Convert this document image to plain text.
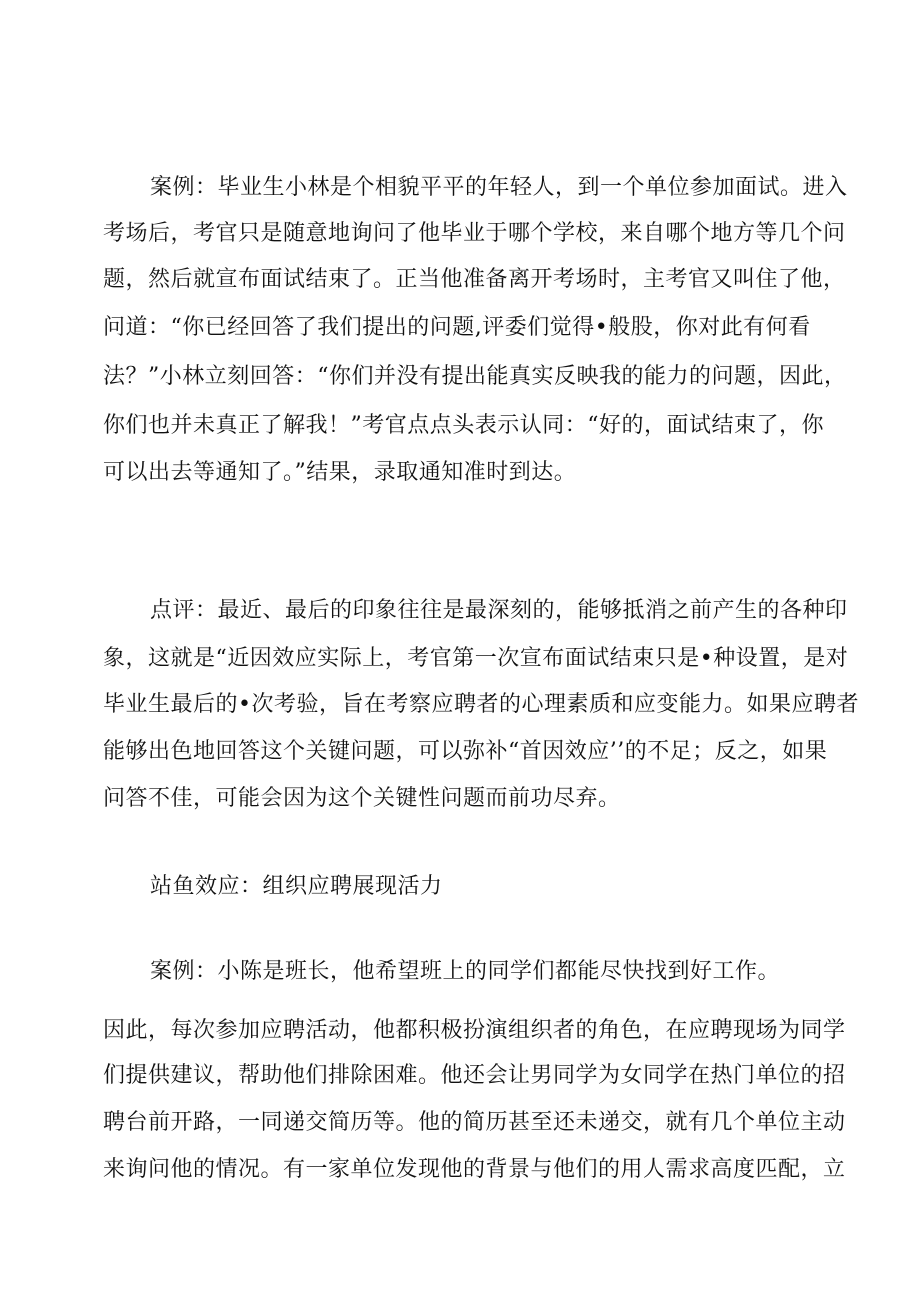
案例：毕业生小林是个相貌平平的年轻人，到一个单位参加面试。进入
考场后，考官只是随意地询问了他毕业于哪个学校，来自哪个地方等几个问
题，然后就宣布面试结束了。正当他准备离开考场时，主考官又叫住了他，
问道：“你已经回答了我们提出的问题,评委们觉得•般股，你对此有何看
法？”小林立刻回答：“你们并没有提出能真实反映我的能力的问题，因此，
你们也并未真正了解我！”考官点点头表示认同：“好的，面试结束了，你
可以出去等通知了。”结果，录取通知准时到达。
点评：最近、最后的印象往往是最深刻的，能够抵消之前产生的各种印
象，这就是“近因效应实际上，考官第一次宣布面试结束只是•种设置，是对
毕业生最后的•次考验，旨在考察应聘者的心理素质和应变能力。如果应聘者
能够出色地回答这个关键问题，可以弥补“首因效应’’的不足；反之，如果
问答不佳，可能会因为这个关键性问题而前功尽弃。
站鱼效应：组织应聘展现活力
案例：小陈是班长，他希望班上的同学们都能尽快找到好工作。
因此，每次参加应聘活动，他都积极扮演组织者的角色，在应聘现场为同学
们提供建议，帮助他们排除困难。他还会让男同学为女同学在热门单位的招
聘台前开路，一同递交简历等。他的简历甚至还未递交，就有几个单位主动
来询问他的情况。有一家单位发现他的背景与他们的用人需求高度匹配，立
